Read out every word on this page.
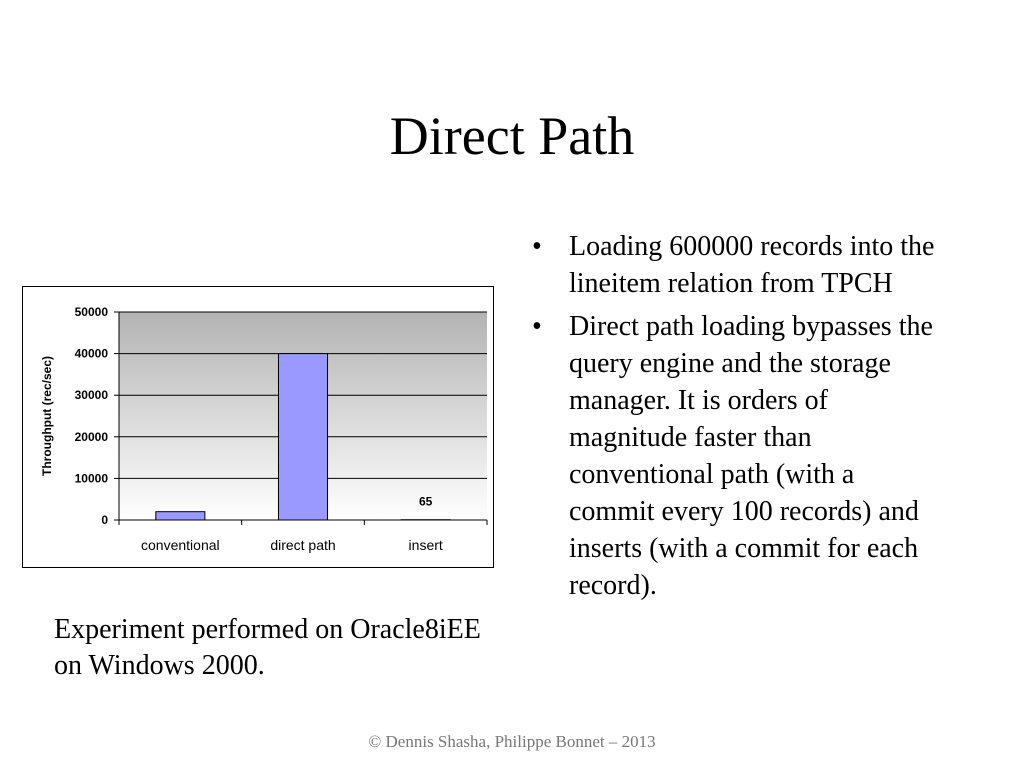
Direct Path
0
10000
20000
30000
40000
50000
conventional	direct path	insert
65
Throughput (rec/sec)
• Loading 600000 records into the lineitem relation from TPCH
• Direct path loading bypasses the query engine and the storage manager. It is orders of magnitude faster than conventional path (with a commit every 100 records) and inserts (with a commit for each record).

Experiment performed on Oracle8iEE on Windows 2000.

© Dennis Shasha, Philippe Bonnet – 2013
